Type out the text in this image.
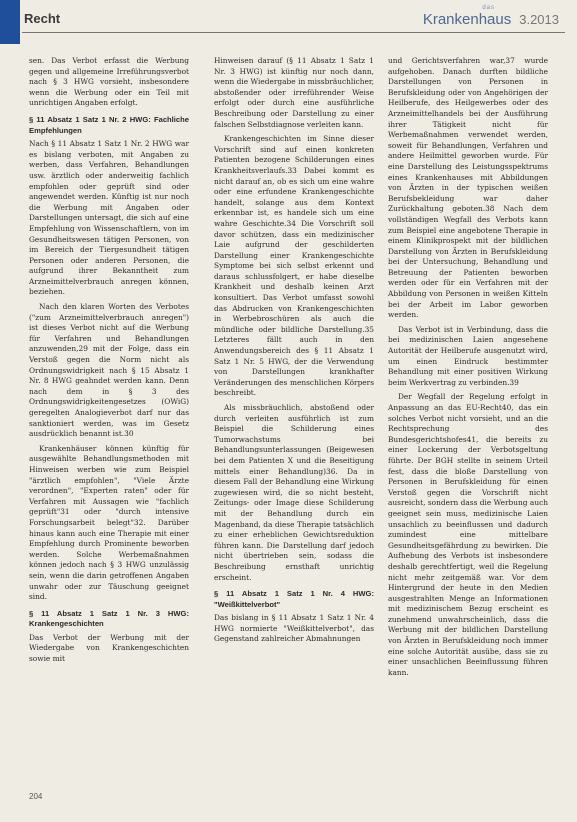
Recht
das
Krankenhaus 3.2013

sen. Das Verbot erfasst die Werbung gegen und allgemeine Irreführungsverbot nach § 3 HWG vorsieht, insbesondere wenn die Werbung oder ein Teil mit unrichtigen Angaben erfolgt.

§ 11 Absatz 1 Satz 1 Nr. 2 HWG: Fachliche Empfehlungen

Nach § 11 Absatz 1 Satz 1 Nr. 2 HWG war es bislang verboten, mit Angaben zu werben, dass Verfahren, Behandlungen usw. ärztlich oder anderweitig fachlich empfohlen oder geprüft sind oder angewendet werden. Künftig ist nur noch die Werbung mit Angaben oder Darstellungen untersagt, die sich auf eine Empfehlung von Wissenschaftlern, von im Gesundheitswesen tätigen Personen, von im Bereich der Tiergesundheit tätigen Personen oder anderen Personen, die aufgrund ihrer Bekanntheit zum Arzneimittelverbrauch anregen können, beziehen.

Nach den klaren Worten des Verbotes ("zum Arzneimittelverbrauch anregen") ist dieses Verbot nicht auf die Werbung für Verfahren und Behandlungen anzuwenden,29 mit der Folge, dass ein Verstoß gegen die Norm nicht als Ordnungswidrigkeit nach § 15 Absatz 1 Nr. 8 HWG geahndet werden kann. Denn nach dem in § 3 des Ordnungswidrigkeitengesetzes (OWiG) geregelten Analogieverbot darf nur das sanktioniert werden, was im Gesetz ausdrücklich benannt ist.30

Krankenhäuser können künftig für ausgewählte Behandlungsmethoden mit Hinweisen werben wie zum Beispiel "ärztlich empfohlen", "Viele Ärzte verordnen", "Experten raten" oder für Verfahren mit Aussagen wie "fachlich geprüft"31 oder "durch intensive Forschungsarbeit belegt"32. Darüber hinaus kann auch eine Therapie mit einer Empfehlung durch Prominente beworben werden. Solche Werbemaßnahmen können jedoch nach § 3 HWG unzulässig sein, wenn die darin getroffenen Angaben unwahr oder zur Täuschung geeignet sind.

§ 11 Absatz 1 Satz 1 Nr. 3 HWG: Krankengeschichten

Das Verbot der Werbung mit der Wiedergabe von Krankengeschichten sowie mit

Hinweisen darauf (§ 11 Absatz 1 Satz 1 Nr. 3 HWG) ist künftig nur noch dann, wenn die Wiedergabe in missbräuchlicher, abstoßender oder irreführender Weise erfolgt oder durch eine ausführliche Beschreibung oder Darstellung zu einer falschen Selbstdiagnose verleiten kann.

Krankengeschichten im Sinne dieser Vorschrift sind auf einen konkreten Patienten bezogene Schilderungen eines Krankheitsverlaufs.33 Dabei kommt es nicht darauf an, ob es sich um eine wahre oder eine erfundene Krankengeschichte handelt, solange aus dem Kontext erkennbar ist, es handele sich um eine wahre Geschichte.34 Die Vorschrift soll davor schützen, dass ein medizinischer Laie aufgrund der geschilderten Darstellung einer Krankengeschichte Symptome bei sich selbst erkennt und daraus schlussfolgert, er habe dieselbe Krankheit und deshalb keinen Arzt konsultiert. Das Verbot umfasst sowohl das Abdrucken von Krankengeschichten in Werbebroschüren als auch die mündliche oder bildliche Darstellung.35 Letzteres fällt auch in den Anwendungsbereich des § 11 Absatz 1 Satz 1 Nr. 5 HWG, der die Verwendung von Darstellungen krankhafter Veränderungen des menschlichen Körpers beschreibt.

Als missbräuchlich, abstoßend oder durch verleiten ausführlich ist zum Beispiel die Schilderung eines Tumorwachstums bei Behandlungsunterlassungen (Beigewesen bei dem Patienten X und die Beseitigung mittels einer Behandlung)36. Da in diesem Fall der Behandlung eine Wirkung zugewiesen wird, die so nicht besteht, Zeitungs- oder Image diese Schilderung mit der Behandlung durch ein Magenband, da diese Therapie tatsächlich zu einer erheblichen Gewichtsreduktion führen kann. Die Darstellung darf jedoch nicht übertrieben sein, sodass die Beschreibung ernsthaft unrichtig erscheint.

§ 11 Absatz 1 Satz 1 Nr. 4 HWG: "Weißkittelverbot"

Das bislang in § 11 Absatz 1 Satz 1 Nr. 4 HWG normierte "Weißkittelverbot", das Gegenstand zahlreicher Abmahnungen

und Gerichtsverfahren war,37 wurde aufgehoben. Danach durften bildliche Darstellungen von Personen in Berufskleidung oder von Angehörigen der Heilberufe, des Heilgewerbes oder des Arzneimittelhandels bei der Ausführung ihrer Tätigkeit nicht für Werbemaßnahmen verwendet werden, soweit für Behandlungen, Verfahren und andere Heilmittel geworben wurde. Für eine Darstellung des Leistungsspektrums eines Krankenhauses mit Abbildungen von Ärzten in der typischen weißen Berufsbekleidung war daher Zurückhaltung geboten.38 Nach dem vollständigen Wegfall des Verbots kann zum Beispiel eine angebotene Therapie in einem Klinikprospekt mit der bildlichen Darstellung von Ärzten in Berufskleidung bei der Untersuchung, Behandlung und Betreuung der Patienten beworben werden oder für ein Verfahren mit der Abbildung von Personen in weißen Kitteln bei der Arbeit im Labor geworben werden.

Das Verbot ist in Verbindung, dass die bei medizinischen Laien angesehene Autorität der Heilberufe ausgenutzt wird, um einen Eindruck bestimmter Behandlung mit einer positiven Wirkung beim Werkvertrag zu verbinden.39

Der Wegfall der Regelung erfolgt in Anpassung an das EU-Recht40, das ein solches Verbot nicht vorsieht, und an die Rechtsprechung des Bundesgerichtshofes41, die bereits zu einer Lockerung der Verbotsgeltung führte. Der BGH stellte in seinem Urteil fest, dass die bloße Darstellung von Personen in Berufskleidung für einen Verstoß gegen die Vorschrift nicht ausreicht, sondern dass die Werbung auch geeignet sein muss, medizinische Laien unsachlich zu beeinflussen und dadurch zumindest eine mittelbare Gesundheitsgefährdung zu bewirken. Die Aufhebung des Verbots ist insbesondere deshalb gerechtfertigt, weil die Regelung nicht mehr zeitgemäß war. Vor dem Hintergrund der heute in den Medien ausgestrahlten Menge an Informationen mit medizinischem Bezug erscheint es zunehmend unwahrscheinlich, dass die Werbung mit der bildlichen Darstellung von Ärzten in Berufskleidung noch immer eine solche Autorität ausübe, dass sie zu einer unsachlichen Beeinflussung führen kann.

204
